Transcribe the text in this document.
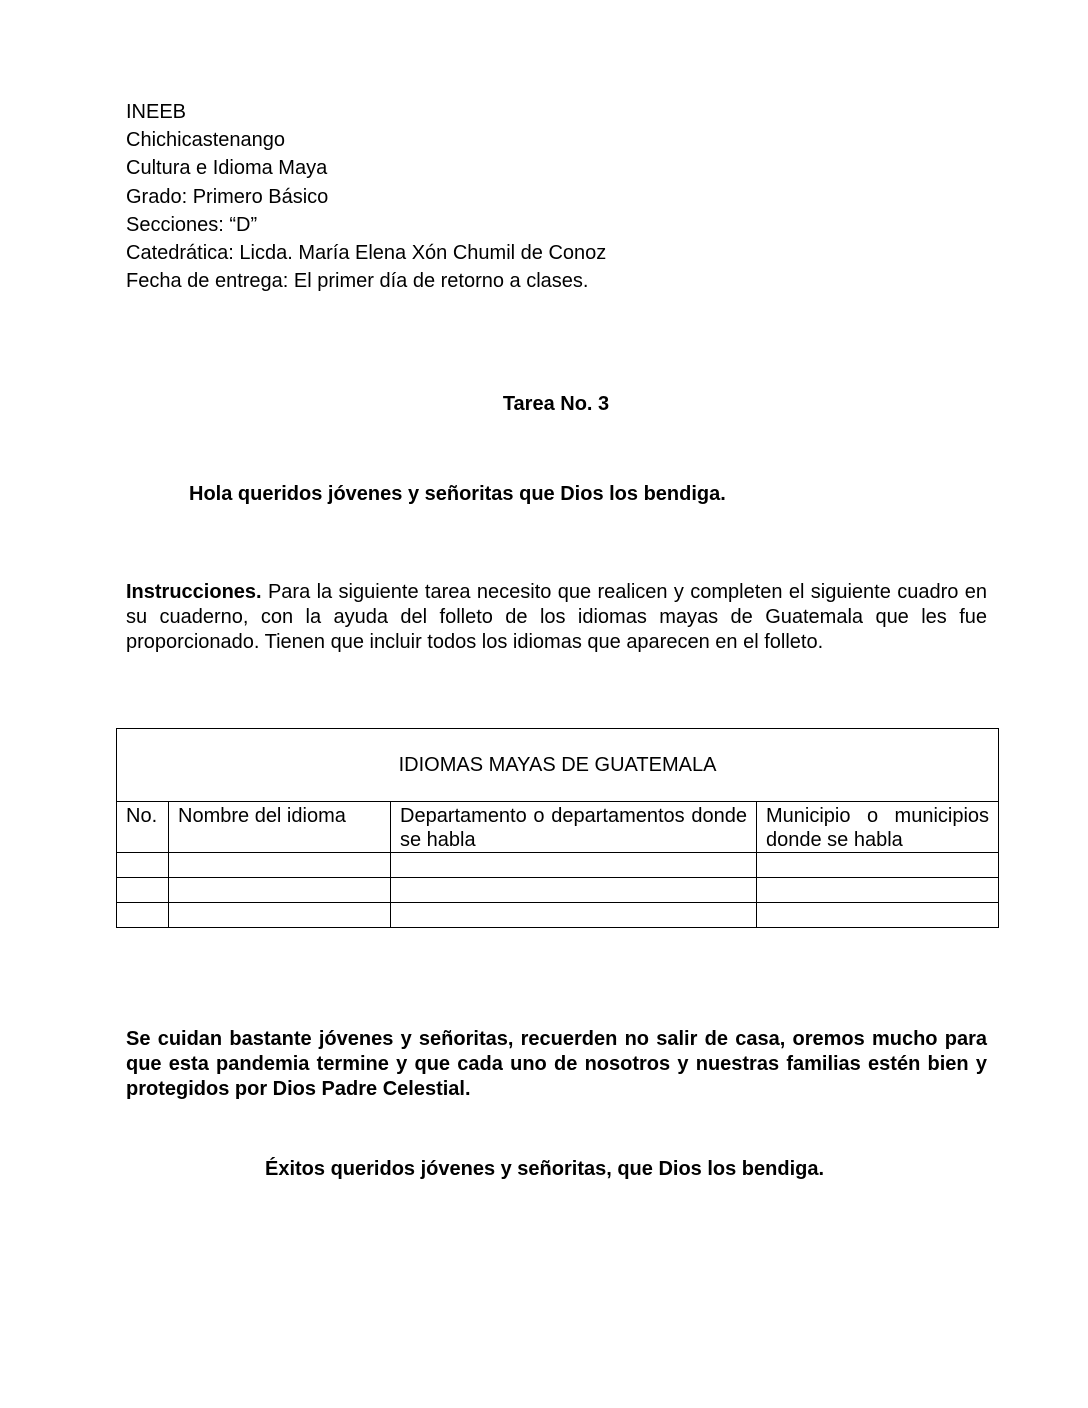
INEEB
Chichicastenango
Cultura e Idioma Maya
Grado: Primero Básico
Secciones: “D”
Catedrática: Licda. María Elena Xón Chumil de Conoz
Fecha de entrega: El primer día de retorno a clases.
Tarea No. 3
Hola queridos jóvenes y señoritas que Dios los bendiga.
Instrucciones. Para la siguiente tarea necesito que realicen y completen el siguiente cuadro en su cuaderno, con la ayuda del folleto de los idiomas mayas de Guatemala que les fue proporcionado. Tienen que incluir todos los idiomas que aparecen en el folleto.
IDIOMAS MAYAS DE GUATEMALA			
No.	Nombre del idioma	Departamento o departamentos donde se habla	Municipio o municipios donde se habla

Se cuidan bastante jóvenes y señoritas, recuerden no salir de casa, oremos mucho para que esta pandemia termine y que cada uno de nosotros y nuestras familias estén bien y protegidos por Dios Padre Celestial.
Éxitos queridos jóvenes y señoritas, que Dios los bendiga.
